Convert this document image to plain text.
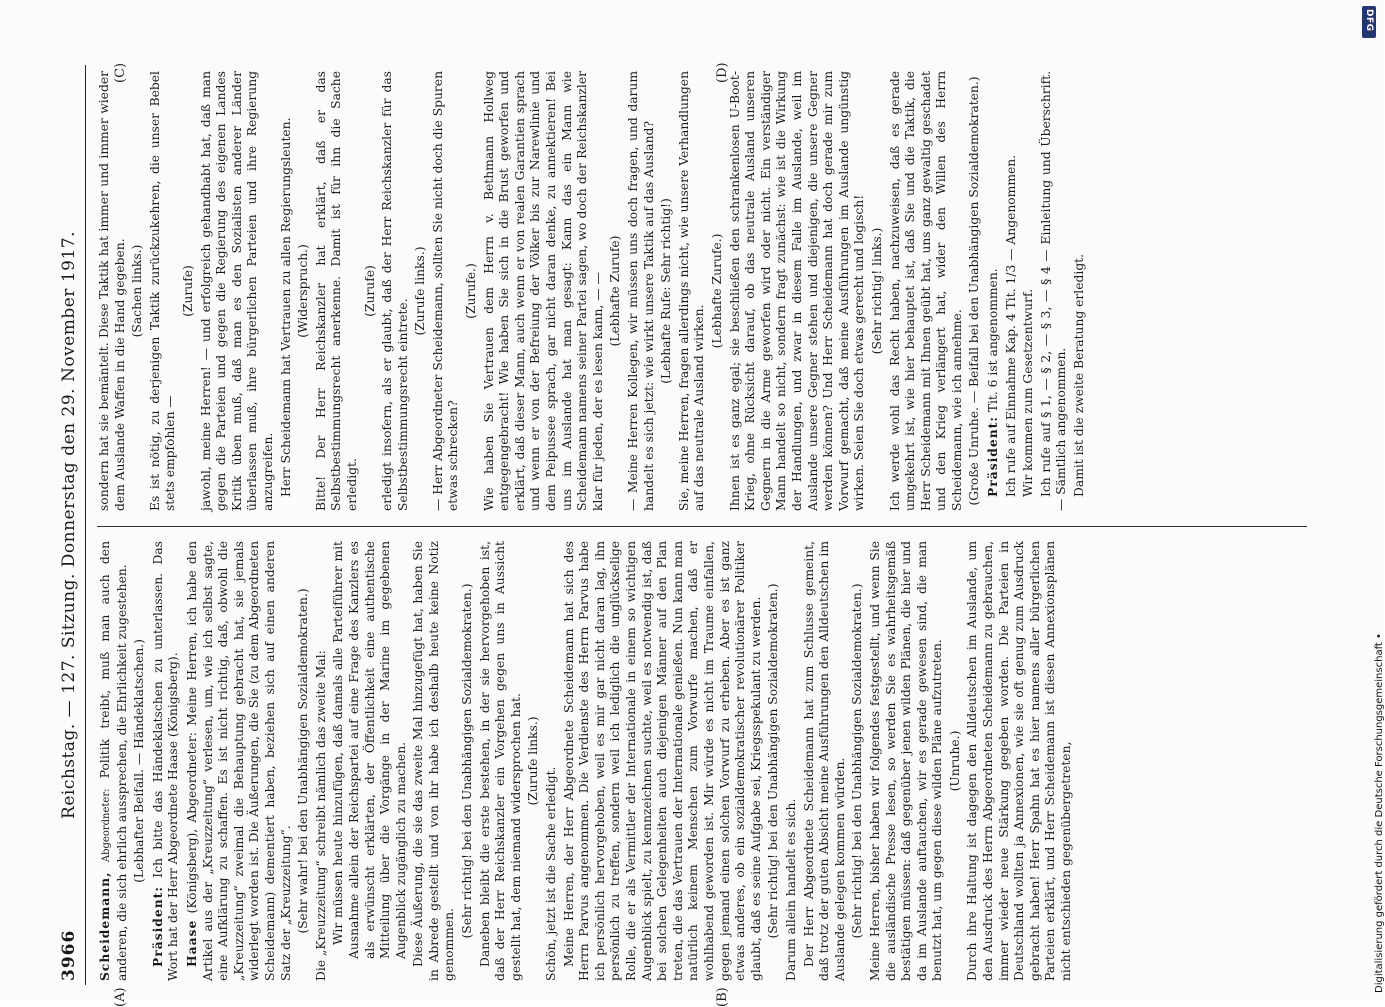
3966
Reichstag. — 127. Sitzung. Donnerstag den 29. November 1917.
(A)	(B)
(C)	(D)

Scheidemann, Abgeordneter: Politik treibt, muß man auch den anderen, die sich ehrlich aussprechen, die Ehrlichkeit zugestehen. (Lebhafter Beifall. — Händeklatschen.)

Präsident: Ich bitte das Händeklatschen zu unterlassen. Das Wort hat der Herr Abgeordnete Haase (Königsberg). Haase (Königsberg), Abgeordneter: Meine Herren, ich habe den Artikel aus der „Kreuzzeitung“ verlesen, um, wie ich selbst sagte, eine Aufklärung zu schaffen. Es ist nicht richtig, daß, obwohl die „Kreuzzeitung“ zweimal die Behauptung gebracht hat, sie jemals widerlegt worden ist. Die Äußerungen, die Sie (zu dem Abgeordneten Scheidemann) dementiert haben, beziehen sich auf einen anderen Satz der „Kreuzzeitung“. (Sehr wahr! bei den Unabhängigen Sozialdemokraten.) Die „Kreuzzeitung“ schreibt nämlich das zweite Mal: Wir müssen heute hinzufügen, daß damals alle Parteiführer mit Ausnahme allein der Reichspartei auf eine Frage des Kanzlers es als erwünscht erklärten, der Öffentlichkeit eine authentische Mitteilung über die Vorgänge in der Marine im gegebenen Augenblick zugänglich zu machen. Diese Äußerung, die sie das zweite Mal hinzugefügt hat, haben Sie in Abrede gestellt und von ihr habe ich deshalb heute keine Notiz genommen.

(Sehr richtig! bei den Unabhängigen Sozialdemokraten.) Daneben bleibt die erste bestehen, in der sie hervorgehoben ist, daß der Herr Reichskanzler ein Vorgehen gegen uns in Aussicht gestellt hat, dem niemand widersprochen hat. (Zurufe links.)

Schön, jetzt ist die Sache erledigt. Meine Herren, der Herr Abgeordnete Scheidemann hat sich des Herrn Parvus angenommen. Die Verdienste des Herrn Parvus habe ich persönlich hervorgehoben, weil es mir gar nicht daran lag, ihn persönlich zu treffen, sondern weil ich lediglich die unglückselige Rolle, die er als Vermittler der Internationale in einem so wichtigen Augenblick spielt, zu kennzeichnen suchte, weil es notwendig ist, daß bei solchen Gelegenheiten auch diejenigen Männer auf den Plan treten, die das Vertrauen der Internationale genießen. Nun kann man natürlich keinem Menschen zum Vorwurfe machen, daß er wohlhabend geworden ist. Mir würde es nicht im Traume einfallen, gegen jemand einen solchen Vorwurf zu erheben. Aber es ist ganz etwas anderes, ob ein sozialdemokratischer revolutionärer Politiker glaubt, daß es seine Aufgabe sei, Kriegsspekulant zu werden. (Sehr richtig! bei den Unabhängigen Sozialdemokraten.) Darum allein handelt es sich. Der Herr Abgeordnete Scheidemann hat zum Schlusse gemeint, daß trotz der guten Absicht meine Ausführungen den Alldeutschen im Auslande gelegen kommen würden. (Sehr richtig! bei den Unabhängigen Sozialdemokraten.) Meine Herren, bisher haben wir folgendes festgestellt, und wenn Sie die ausländische Presse lesen, so werden Sie es wahrheitsgemäß bestätigen müssen: daß gegenüber jenen wilden Plänen, die hier und da im Auslande auftauchen, wir es gerade gewesen sind, die man benutzt hat, um gegen diese wilden Pläne aufzutreten. (Unruhe.) Durch ihre Haltung ist dagegen den Alldeutschen im Auslande, um den Ausdruck des Herrn Abgeordneten Scheidemann zu gebrauchen, immer wieder neue Stärkung gegeben worden. Die Parteien in Deutschland wollten ja Annexionen, wie sie oft genug zum Ausdruck gebracht haben! Herr Spahn hat es hier namens aller bürgerlichen Parteien erklärt, und Herr Scheidemann ist diesen Annexionsplänen nicht entschieden gegenübergetreten,

sondern hat sie bemäntelt. Diese Taktik hat immer und immer wieder dem Auslande Waffen in die Hand gegeben. (Sachen links.) Es ist nötig, zu derjenigen Taktik zurückzukehren, die unser Bebel stets empfohlen —

(Zurufe) jawohl, meine Herren! — und erfolgreich gehandhabt hat, daß man gegen die Parteien und gegen die Regierung des eigenen Landes Kritik üben muß, daß man es den Sozialisten anderer Länder überlassen muß, ihre bürgerlichen Parteien und ihre Regierung anzugreifen. Herr Scheidemann hat Vertrauen zu allen Regierungsleuten. (Widerspruch.) Bitte! Der Herr Reichskanzler hat erklärt, daß er das Selbstbestimmungsrecht anerkenne. Damit ist für ihn die Sache erledigt.

(Zurufe) erledigt insofern, als er glaubt, daß der Herr Reichskanzler für das Selbstbestimmungsrecht eintrete.

(Zurufe links.) — Herr Abgeordneter Scheidemann, sollten Sie nicht doch die Spuren etwas schrecken?

(Zurufe.) Wie haben Sie Vertrauen dem Herrn v. Bethmann Hollweg entgegengebracht! Wie haben Sie sich in die Brust geworfen und erklärt, daß dieser Mann, auch wenn er von realen Garantien sprach und wenn er von der Befreiung der Völker bis zur Narewlinie und dem Peipussee sprach, gar nicht daran denke, zu annektieren! Bei uns im Auslande hat man gesagt: Kann das ein Mann wie Scheidemann namens seiner Partei sagen, wo doch der Reichskanzler klar für jeden, der es lesen kann, — — (Lebhafte Zurufe) — Meine Herren Kollegen, wir müssen uns doch fragen, und darum handelt es sich jetzt: wie wirkt unsere Taktik auf das Ausland? (Lebhafte Rufe: Sehr richtig!) Sie, meine Herren, fragen allerdings nicht, wie unsere Verhandlungen auf das neutrale Ausland wirken.

(Lebhafte Zurufe.) Ihnen ist es ganz egal; sie beschließen den schrankenlosen U-Boot-Krieg, ohne Rücksicht darauf, ob das neutrale Ausland unseren Gegnern in die Arme geworfen wird oder nicht. Ein verständiger Mann handelt so nicht, sondern fragt zunächst: wie ist die Wirkung der Handlungen, und zwar in diesem Falle im Auslande, weil im Auslande unsere Gegner stehen und diejenigen, die unsere Gegner werden können? Und Herr Scheidemann hat doch gerade mir zum Vorwurf gemacht, daß meine Ausführungen im Auslande ungünstig wirken. Seien Sie doch etwas gerecht und logisch! (Sehr richtig! links.) Ich werde wohl das Recht haben, nachzuweisen, daß es gerade umgekehrt ist, wie hier behauptet ist, daß Sie und die Taktik, die Herr Scheidemann mit Ihnen geübt hat, uns ganz gewaltig geschadet und den Krieg verlängert hat, wider den Willen des Herrn Scheidemann, wie ich annehme. (Große Unruhe. — Beifall bei den Unabhängigen Sozialdemokraten.) Präsident: Tit. 6 ist angenommen. Ich rufe auf Einnahme Kap. 4 Tit. 1/3 — Angenommen. Wir kommen zum Gesetzentwurf. Ich rufe auf § 1, — § 2, — § 3, — § 4 — Einleitung und Überschrift. — Sämtlich angenommen. Damit ist die zweite Beratung erledigt.

DFG
Digitalisierung gefördert durch die Deutsche Forschungsgemeinschaft •
